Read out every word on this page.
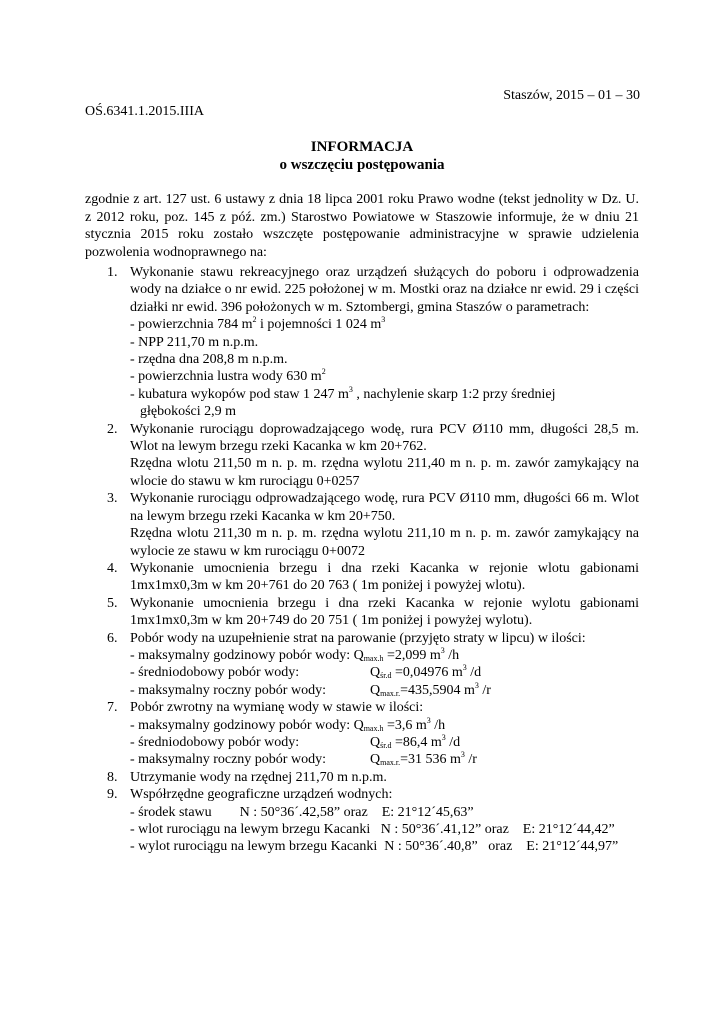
Staszów, 2015 – 01 – 30
OŚ.6341.1.2015.IIIA
INFORMACJA
o wszczęciu postępowania
zgodnie z art. 127 ust. 6 ustawy z dnia 18 lipca 2001 roku Prawo wodne (tekst jednolity w Dz. U. z 2012 roku, poz. 145 z póź. zm.) Starostwo Powiatowe w Staszowie informuje, że w dniu 21 stycznia 2015 roku zostało wszczęte postępowanie administracyjne w sprawie udzielenia pozwolenia wodnoprawnego na:
1. Wykonanie stawu rekreacyjnego oraz urządzeń służących do poboru i odprowadzenia wody na działce o nr ewid. 225 położonej w m. Mostki oraz na działce nr ewid. 29 i części działki nr ewid. 396 położonych w m. Sztombergi, gmina Staszów o parametrach:
- powierzchnia 784 $m^2$ i pojemności 1 024 $m^3$
- NPP 211,70 m n.p.m.
- rzędna dna 208,8 m n.p.m.
- powierzchnia lustra wody 630 $m^2$
- kubatura wykopów pod staw 1 247 $m^3$ , nachylenie skarp 1:2 przy średniej
głębokości 2,9 m
2. Wykonanie rurociągu doprowadzającego wodę, rura PCV Ø110 mm, długości 28,5 m. Wlot na lewym brzegu rzeki Kacanka w km 20+762.
Rzędna wlotu 211,50 m n. p. m. rzędna wylotu 211,40 m n. p. m. zawór zamykający na wlocie do stawu w km rurociągu 0+0257
3. Wykonanie rurociągu odprowadzającego wodę, rura PCV Ø110 mm, długości 66 m. Wlot na lewym brzegu rzeki Kacanka w km 20+750.
Rzędna wlotu 211,30 m n. p. m. rzędna wylotu 211,10 m n. p. m. zawór zamykający na wylocie ze stawu w km rurociągu 0+0072
4. Wykonanie umocnienia brzegu i dna rzeki Kacanka w rejonie wlotu gabionami 1mx1mx0,3m w km 20+761 do 20 763 ( 1m poniżej i powyżej wlotu).
5. Wykonanie umocnienia brzegu i dna rzeki Kacanka w rejonie wylotu gabionami 1mx1mx0,3m w km 20+749 do 20 751 ( 1m poniżej i powyżej wylotu).
6. Pobór wody na uzupełnienie strat na parowanie (przyjęto straty w lipcu) w ilości:
- maksymalny godzinowy pobór wody: $Q_{max.h} =2,099$ $m^3$ /h
- średniodobowy pobór wody:	$Q_{śr.d} =0,04976$ $m^3$ /d
- maksymalny roczny pobór wody:	$Q_{max.r.}=435,5904$ $m^3$ /r
7. Pobór zwrotny na wymianę wody w stawie w ilości:
- maksymalny godzinowy pobór wody: $Q_{max.h} =3,6$ $m^3$ /h
- średniodobowy pobór wody:	$Q_{śr.d} =86,4$ $m^3$ /d
- maksymalny roczny pobór wody:	$Q_{max.r.}=31$ 536 $m^3$ /r
8. Utrzymanie wody na rzędnej 211,70 m n.p.m.
9. Współrzędne geograficzne urządzeń wodnych:
- środek stawu        N : 50°36ˊ.42,58” oraz    E: 21°12ˊ45,63”
- wlot rurociągu na lewym brzegu Kacanki   N : 50°36ˊ.41,12” oraz    E: 21°12ˊ44,42”
- wylot rurociągu na lewym brzegu Kacanki  N : 50°36ˊ.40,8”   oraz    E: 21°12ˊ44,97”
